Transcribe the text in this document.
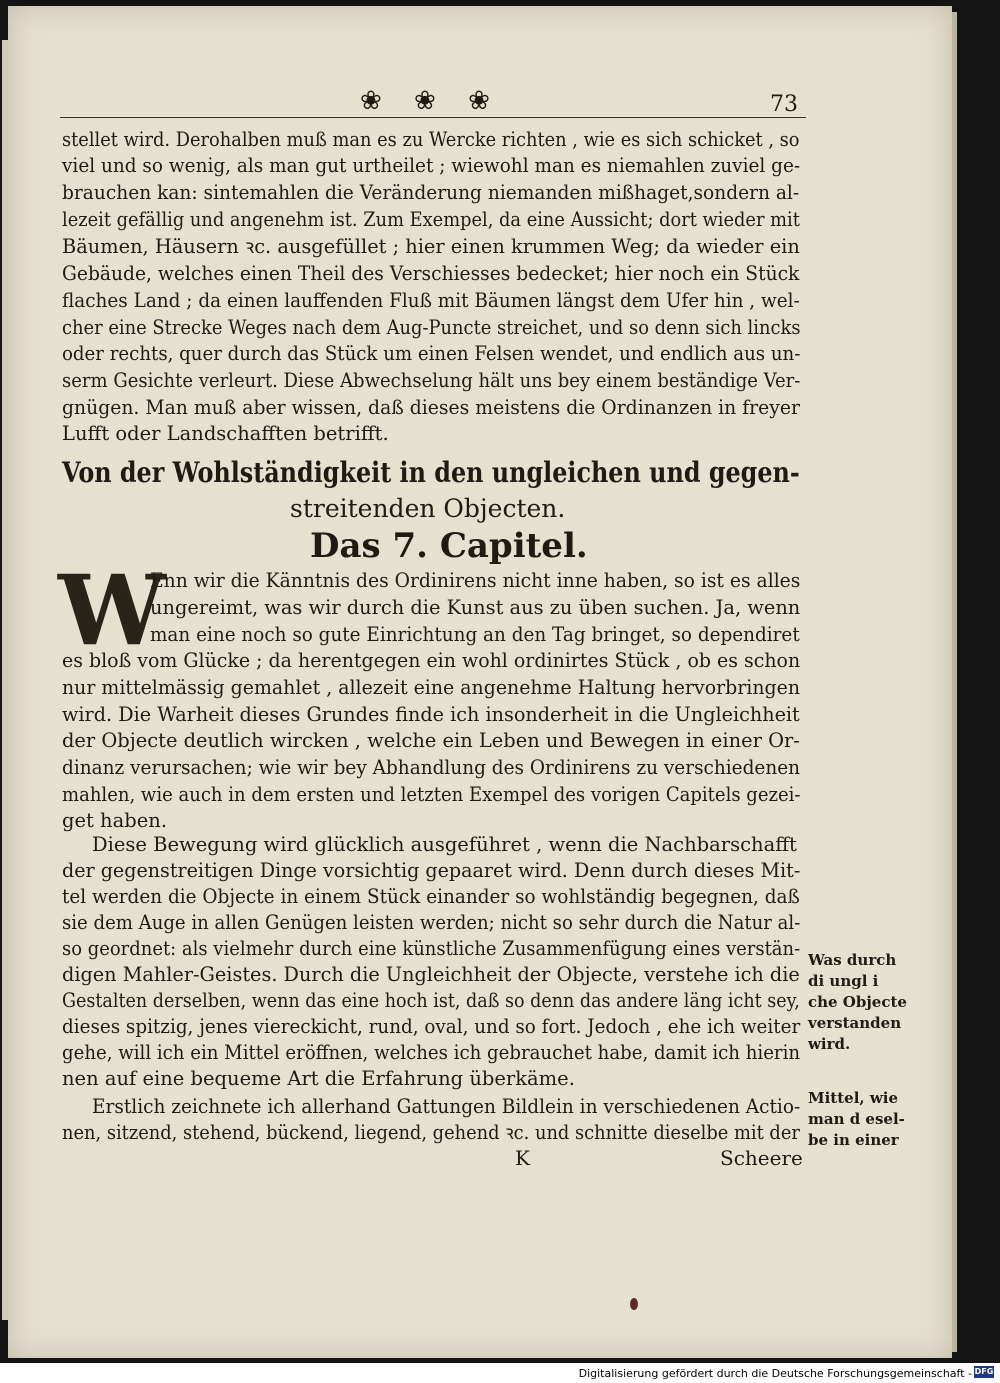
❀ ❀ ❀	73
stellet wird. Derohalben muß man es zu Wercke richten , wie es sich schicket , so
viel und so wenig, als man gut urtheilet ; wiewohl man es niemahlen zuviel ge-
brauchen kan: sintemahlen die Veränderung niemanden mißhaget,sondern al-
lezeit gefällig und angenehm ist. Zum Exempel, da eine Aussicht; dort wieder mit
Bäumen, Häusern ꝛc. ausgefüllet ; hier einen krummen Weg; da wieder ein
Gebäude, welches einen Theil des Verschiesses bedecket; hier noch ein Stück
flaches Land ; da einen lauffenden Fluß mit Bäumen längst dem Ufer hin , wel-
cher eine Strecke Weges nach dem Aug-Puncte streichet, und so denn sich lincks
oder rechts, quer durch das Stück um einen Felsen wendet, und endlich aus un-
serm Gesichte verleurt. Diese Abwechselung hält uns bey einem beständige Ver-
gnügen. Man muß aber wissen, daß dieses meistens die Ordinanzen in freyer
Lufft oder Landschafften betrifft.
Von der Wohlständigkeit in den ungleichen und gegen-
streitenden Objecten.
Das 7. Capitel.
W
Enn wir die Känntnis des Ordinirens nicht inne haben, so ist es alles
ungereimt, was wir durch die Kunst aus zu üben suchen. Ja, wenn
man eine noch so gute Einrichtung an den Tag bringet, so dependiret
es bloß vom Glücke ; da herentgegen ein wohl ordinirtes Stück , ob es schon
nur mittelmässig gemahlet , allezeit eine angenehme Haltung hervorbringen
wird. Die Warheit dieses Grundes finde ich insonderheit in die Ungleichheit
der Objecte deutlich wircken , welche ein Leben und Bewegen in einer Or-
dinanz verursachen; wie wir bey Abhandlung des Ordinirens zu verschiedenen
mahlen, wie auch in dem ersten und letzten Exempel des vorigen Capitels gezei-
get haben.
Diese Bewegung wird glücklich ausgeführet , wenn die Nachbarschafft
der gegenstreitigen Dinge vorsichtig gepaaret wird. Denn durch dieses Mit-
tel werden die Objecte in einem Stück einander so wohlständig begegnen, daß
sie dem Auge in allen Genügen leisten werden; nicht so sehr durch die Natur al-
so geordnet: als vielmehr durch eine künstliche Zusammenfügung eines verstän-
digen Mahler-Geistes. Durch die Ungleichheit der Objecte, verstehe ich die
Gestalten derselben, wenn das eine hoch ist, daß so denn das andere läng icht sey,
dieses spitzig, jenes viereckicht, rund, oval, und so fort. Jedoch , ehe ich weiter
gehe, will ich ein Mittel eröffnen, welches ich gebrauchet habe, damit ich hierin
nen auf eine bequeme Art die Erfahrung überkäme.
Erstlich zeichnete ich allerhand Gattungen Bildlein in verschiedenen Actio-
nen, sitzend, stehend, bückend, liegend, gehend ꝛc. und schnitte dieselbe mit der
K	Scheere
Was durch
di ungl i
che Objecte
verstanden
wird.
Mittel, wie
man d esel-
be in einer
Digitalisierung gefördert durch die Deutsche Forschungsgemeinschaft - DFG
